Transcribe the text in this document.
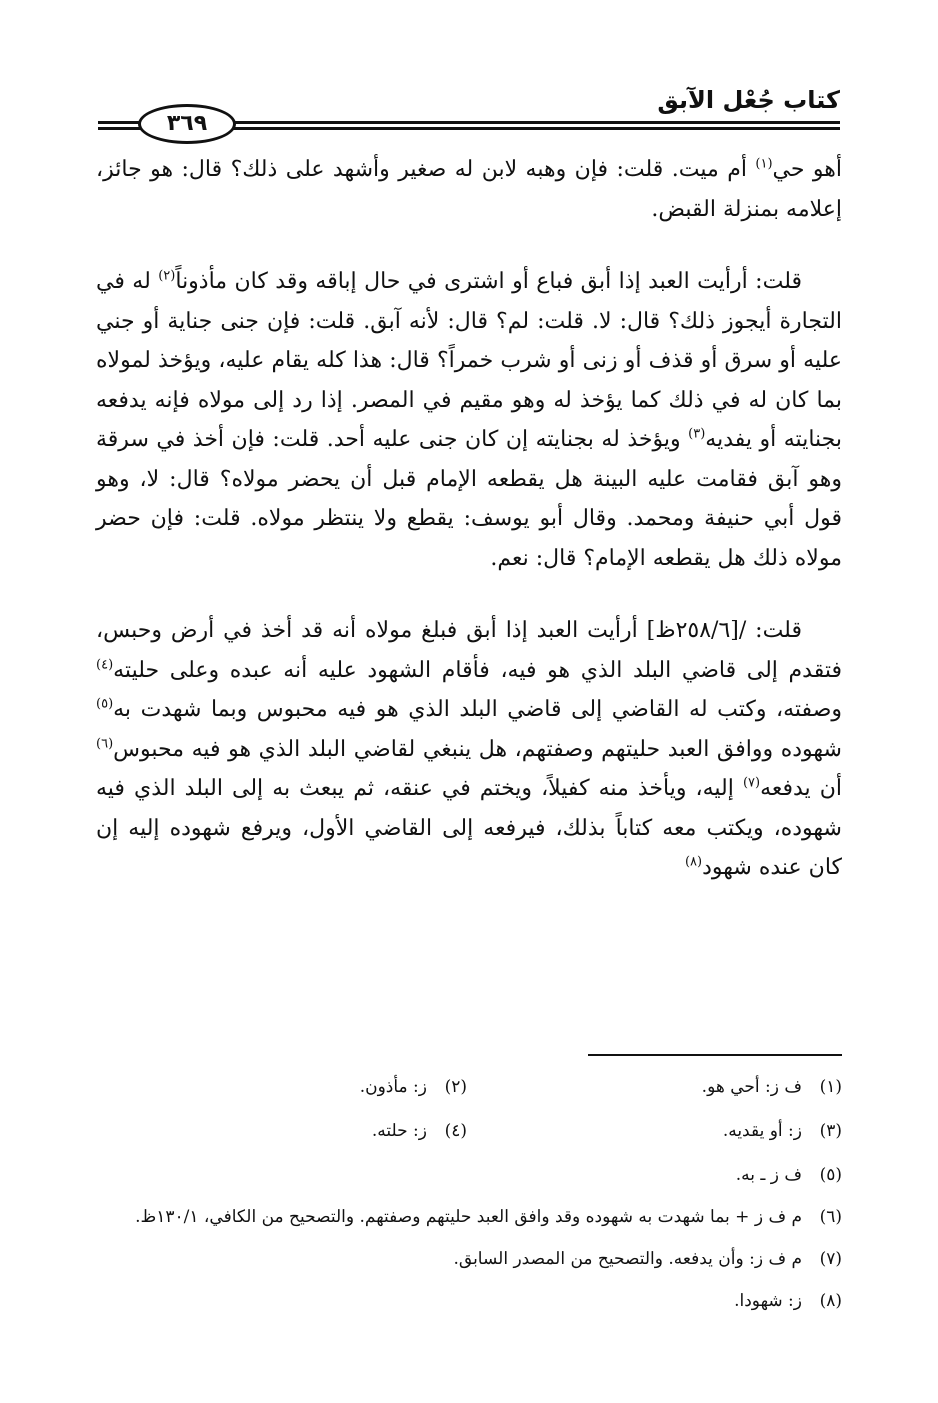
كتاب جُعْل الآبق
٣٦٩

أهو حي$^{(١)}$ أم ميت. قلت: فإن وهبه لابن له صغير وأشهد على ذلك؟ قال: هو جائز، إعلامه بمنزلة القبض.

قلت: أرأيت العبد إذا أبق فباع أو اشترى في حال إباقه وقد كان مأذوناً$^{(٢)}$ له في التجارة أيجوز ذلك؟ قال: لا. قلت: لم؟ قال: لأنه آبق. قلت: فإن جنى جناية أو جني عليه أو سرق أو قذف أو زنى أو شرب خمراً؟ قال: هذا كله يقام عليه، ويؤخذ لمولاه بما كان له في ذلك كما يؤخذ له وهو مقيم في المصر. إذا رد إلى مولاه فإنه يدفعه بجنايته أو يفديه$^{(٣)}$ ويؤخذ له بجنايته إن كان جنى عليه أحد. قلت: فإن أخذ في سرقة وهو آبق فقامت عليه البينة هل يقطعه الإمام قبل أن يحضر مولاه؟ قال: لا، وهو قول أبي حنيفة ومحمد. وقال أبو يوسف: يقطع ولا ينتظر مولاه. قلت: فإن حضر مولاه ذلك هل يقطعه الإمام؟ قال: نعم.

قلت: /[٢٥٨/٦ظ] أرأيت العبد إذا أبق فبلغ مولاه أنه قد أخذ في أرض وحبس، فتقدم إلى قاضي البلد الذي هو فيه، فأقام الشهود عليه أنه عبده وعلى حليته$^{(٤)}$ وصفته، وكتب له القاضي إلى قاضي البلد الذي هو فيه محبوس وبما شهدت به$^{(٥)}$ شهوده ووافق العبد حليتهم وصفتهم، هل ينبغي لقاضي البلد الذي هو فيه محبوس$^{(٦)}$ أن يدفعه$^{(٧)}$ إليه، ويأخذ منه كفيلاً، ويختم في عنقه، ثم يبعث به إلى البلد الذي فيه شهوده، ويكتب معه كتاباً بذلك، فيرفعه إلى القاضي الأول، ويرفع شهوده إليه إن كان عنده شهود$^{(٨)}$

(١)
ف ز: أحي هو.
(٢)
ز: مأذون.
(٣)
ز: أو يقديه.
(٤)
ز: حلته.
(٥)
ف ز ـ به.
(٦)
م ف ز + بما شهدت به شهوده وقد وافق العبد حليتهم وصفتهم. والتصحيح من الكافي، ١٣٠/١ظ.
(٧)
م ف ز: وأن يدفعه. والتصحيح من المصدر السابق.
(٨)
ز: شهودا.
